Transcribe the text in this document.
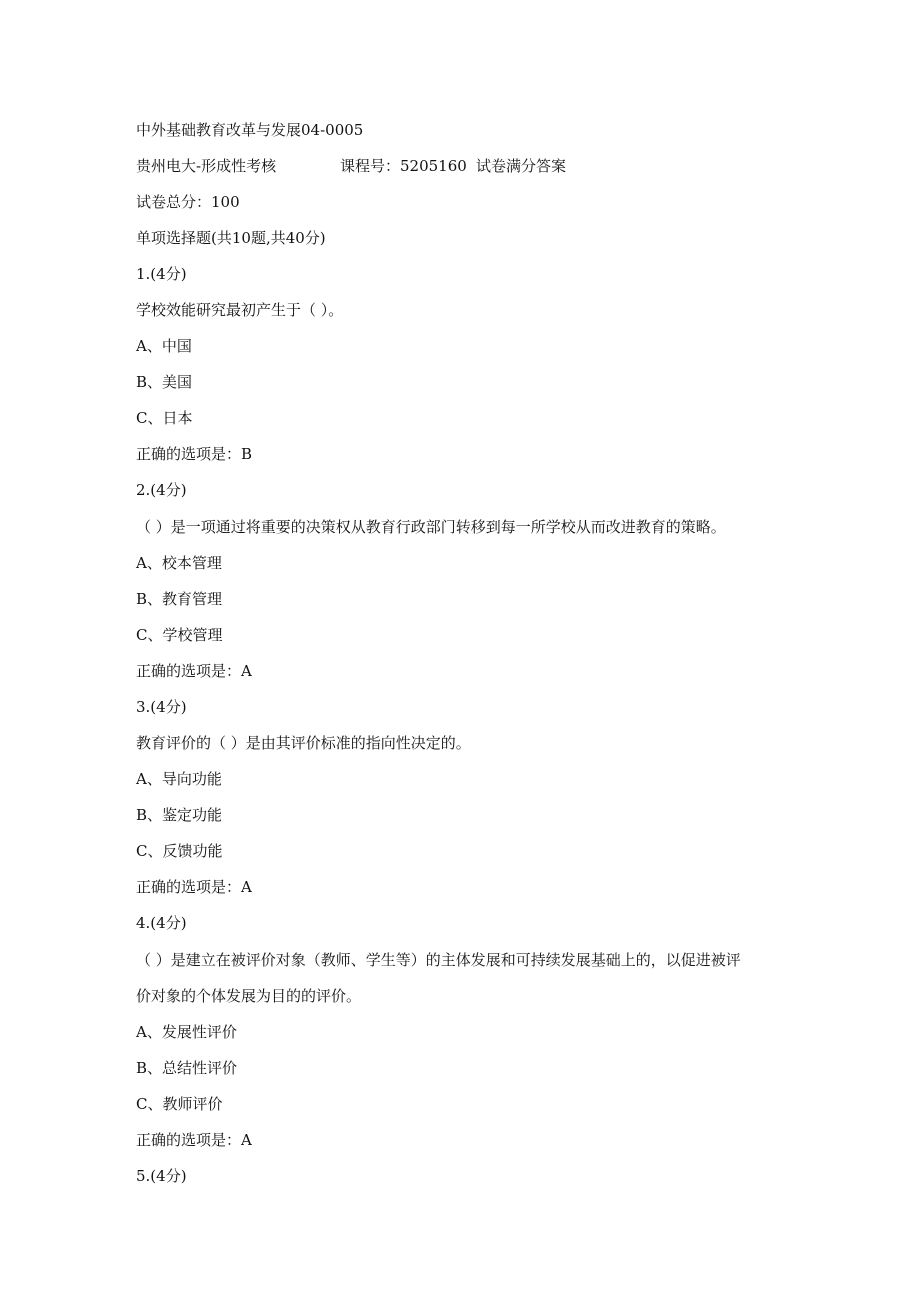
中外基础教育改革与发展04-0005
贵州电大-形成性考核	课程号：5205160 试卷满分答案
试卷总分：100
单项选择题(共10题,共40分)
1.(4分)
学校效能研究最初产生于（ ）。
A、中国
B、美国
C、日本
正确的选项是：B
2.(4分)
（ ）是一项通过将重要的决策权从教育行政部门转移到每一所学校从而改进教育的策略。
A、校本管理
B、教育管理
C、学校管理
正确的选项是：A
3.(4分)
教育评价的（ ）是由其评价标准的指向性决定的。
A、导向功能
B、鉴定功能
C、反馈功能
正确的选项是：A
4.(4分)
（ ）是建立在被评价对象（教师、学生等）的主体发展和可持续发展基础上的，以促进被评
价对象的个体发展为目的的评价。
A、发展性评价
B、总结性评价
C、教师评价
正确的选项是：A
5.(4分)
